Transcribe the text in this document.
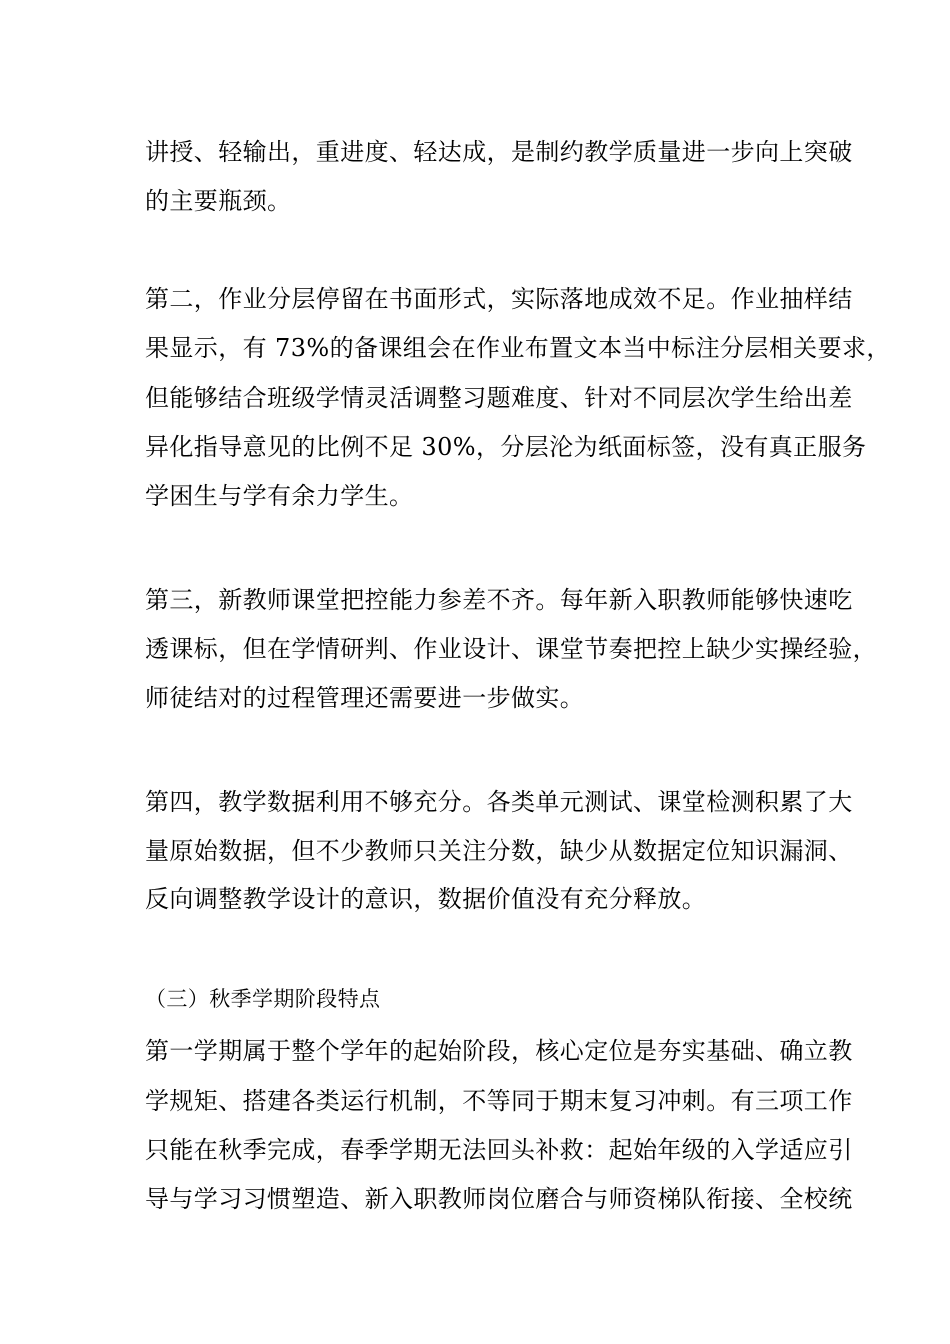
讲授、轻输出，重进度、轻达成，是制约教学质量进一步向上突破
的主要瓶颈。
第二，作业分层停留在书面形式，实际落地成效不足。作业抽样结
果显示，有 73%的备课组会在作业布置文本当中标注分层相关要求，
但能够结合班级学情灵活调整习题难度、针对不同层次学生给出差
异化指导意见的比例不足 30%，分层沦为纸面标签，没有真正服务
学困生与学有余力学生。
第三，新教师课堂把控能力参差不齐。每年新入职教师能够快速吃
透课标，但在学情研判、作业设计、课堂节奏把控上缺少实操经验，
师徒结对的过程管理还需要进一步做实。
第四，教学数据利用不够充分。各类单元测试、课堂检测积累了大
量原始数据，但不少教师只关注分数，缺少从数据定位知识漏洞、
反向调整教学设计的意识，数据价值没有充分释放。
（三）秋季学期阶段特点
第一学期属于整个学年的起始阶段，核心定位是夯实基础、确立教
学规矩、搭建各类运行机制，不等同于期末复习冲刺。有三项工作
只能在秋季完成，春季学期无法回头补救：起始年级的入学适应引
导与学习习惯塑造、新入职教师岗位磨合与师资梯队衔接、全校统
